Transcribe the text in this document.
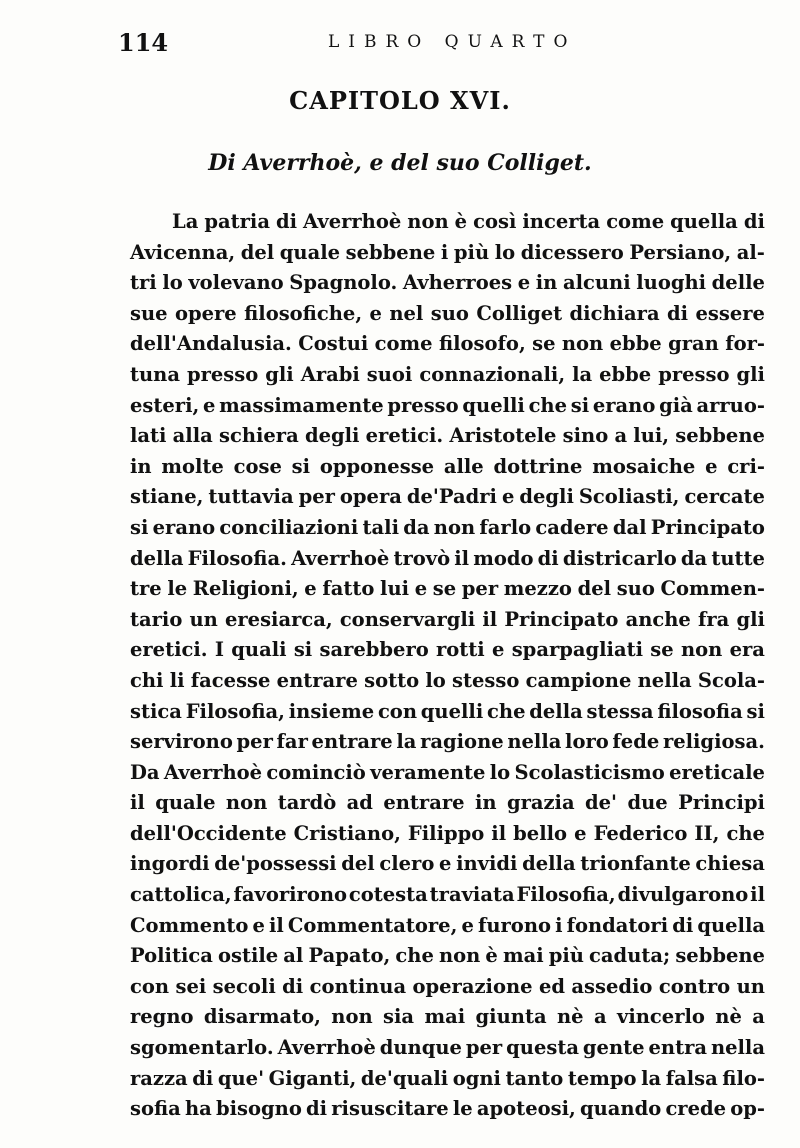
114	LIBRO QUARTO
CAPITOLO XVI.
Di Averrhoè, e del suo Colliget.
La patria di Averrhoè non è così incerta come quella di
Avicenna, del quale sebbene i più lo dicessero Persiano, al-
tri lo volevano Spagnolo. Avherroes e in alcuni luoghi delle
sue opere filosofiche, e nel suo Colliget dichiara di essere
dell'Andalusia. Costui come filosofo, se non ebbe gran for-
tuna presso gli Arabi suoi connazionali, la ebbe presso gli
esteri, e massimamente presso quelli che si erano già arruo-
lati alla schiera degli eretici. Aristotele sino a lui, sebbene
in molte cose si opponesse alle dottrine mosaiche e cri-
stiane, tuttavia per opera de'Padri e degli Scoliasti, cercate
si erano conciliazioni tali da non farlo cadere dal Principato
della Filosofia. Averrhoè trovò il modo di districarlo da tutte
tre le Religioni, e fatto lui e se per mezzo del suo Commen-
tario un eresiarca, conservargli il Principato anche fra gli
eretici. I quali si sarebbero rotti e sparpagliati se non era
chi li facesse entrare sotto lo stesso campione nella Scola-
stica Filosofia, insieme con quelli che della stessa filosofia si
servirono per far entrare la ragione nella loro fede religiosa.
Da Averrhoè cominciò veramente lo Scolasticismo ereticale
il quale non tardò ad entrare in grazia de' due Principi
dell'Occidente Cristiano, Filippo il bello e Federico II, che
ingordi de'possessi del clero e invidi della trionfante chiesa
cattolica, favorirono cotesta traviata Filosofia, divulgarono il
Commento e il Commentatore, e furono i fondatori di quella
Politica ostile al Papato, che non è mai più caduta; sebbene
con sei secoli di continua operazione ed assedio contro un
regno disarmato, non sia mai giunta nè a vincerlo nè a
sgomentarlo. Averrhoè dunque per questa gente entra nella
razza di que' Giganti, de'quali ogni tanto tempo la falsa filo-
sofia ha bisogno di risuscitare le apoteosi, quando crede op-
